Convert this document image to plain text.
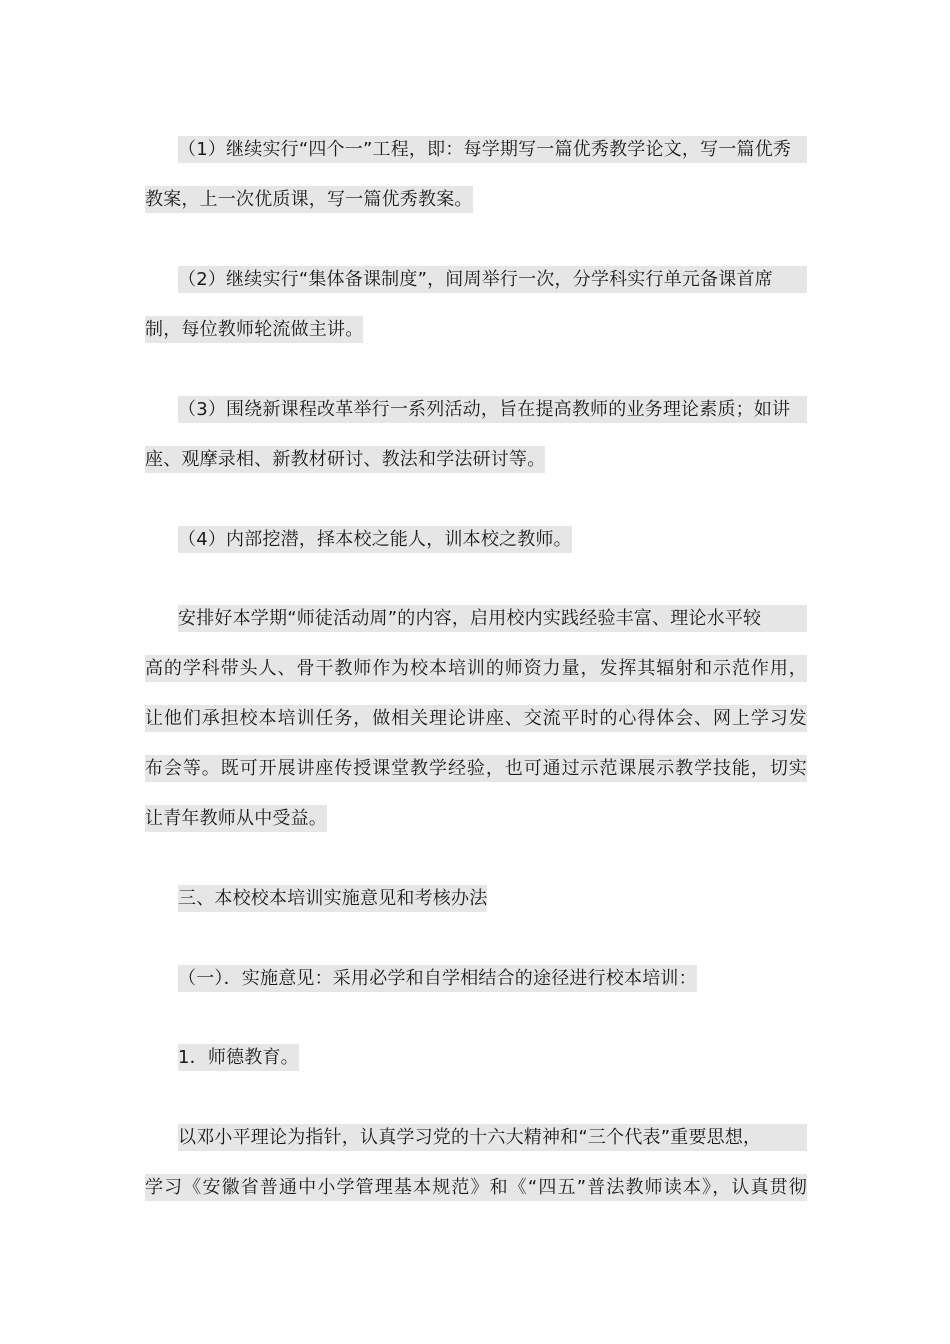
（1）继续实行“四个一”工程，即：每学期写一篇优秀教学论文，写一篇优秀
教案，上一次优质课，写一篇优秀教案。
（2）继续实行“集体备课制度”，间周举行一次，分学科实行单元备课首席
制，每位教师轮流做主讲。
（3）围绕新课程改革举行一系列活动，旨在提高教师的业务理论素质；如讲
座、观摩录相、新教材研讨、教法和学法研讨等。
（4）内部挖潜，择本校之能人，训本校之教师。
安排好本学期“师徒活动周”的内容，启用校内实践经验丰富、理论水平较
高的学科带头人、骨干教师作为校本培训的师资力量，发挥其辐射和示范作用，
让他们承担校本培训任务，做相关理论讲座、交流平时的心得体会、网上学习发
布会等。既可开展讲座传授课堂教学经验，也可通过示范课展示教学技能，切实
让青年教师从中受益。
三、本校校本培训实施意见和考核办法
（一）．实施意见：采用必学和自学相结合的途径进行校本培训：
1．师德教育。
以邓小平理论为指针，认真学习党的十六大精神和“三个代表”重要思想，
学习《安徽省普通中小学管理基本规范》和《“四五”普法教师读本》，认真贯彻
